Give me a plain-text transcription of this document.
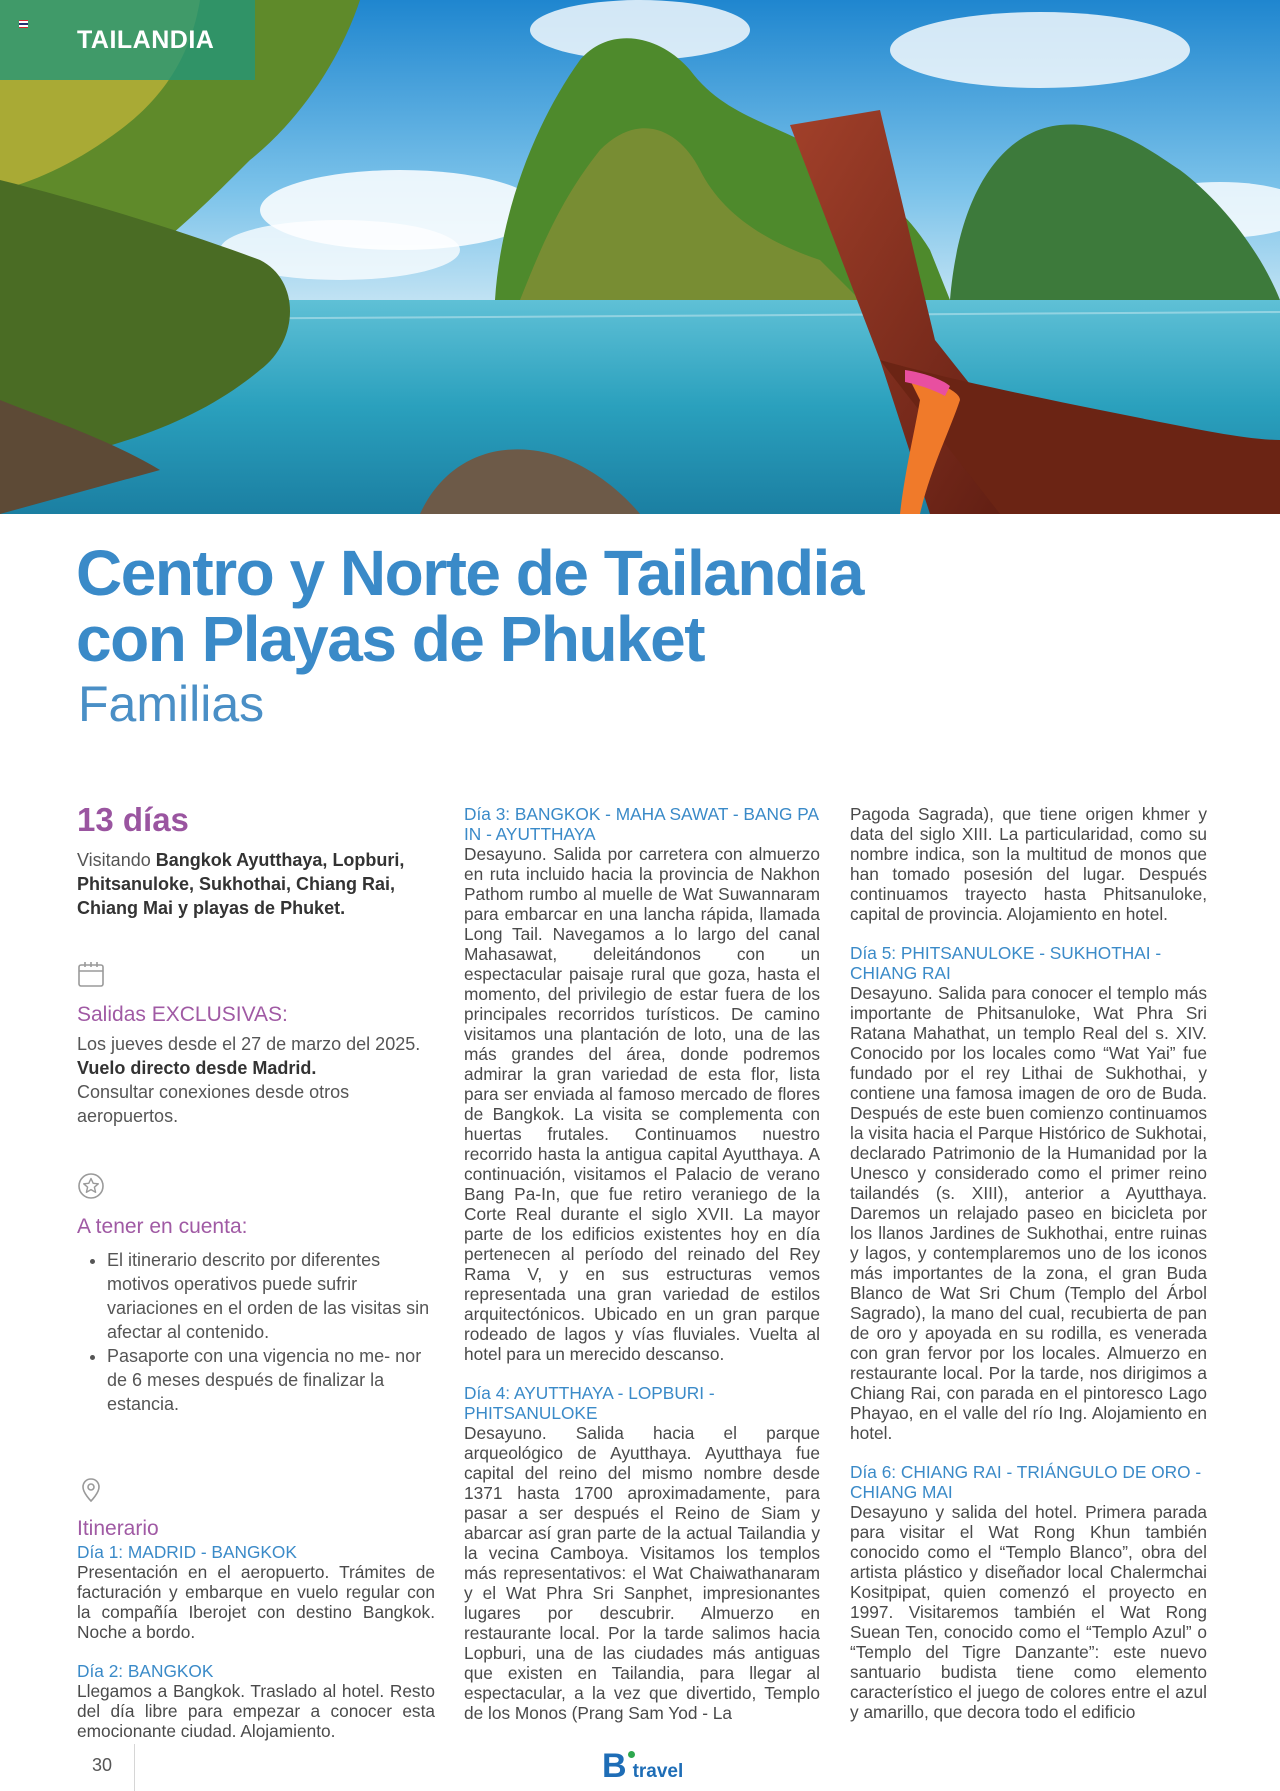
TAILANDIA
Centro y Norte de Tailandia
con Playas de Phuket
Familias

13 días

Visitando Bangkok Ayutthaya, Lopburi, Phitsanuloke, Sukhothai, Chiang Rai, Chiang Mai y playas de Phuket.

Salidas EXCLUSIVAS:

Los jueves desde el 27 de marzo del 2025.
Vuelo directo desde Madrid.
Consultar conexiones desde otros aeropuertos.

A tener en cuenta:
• El itinerario descrito por diferentes motivos operativos puede sufrir variaciones en el orden de las visitas sin afectar al contenido.
• Pasaporte con una vigencia no me- nor de 6 meses después de finalizar la estancia.
Itinerario
Día 1: MADRID - BANGKOK

Presentación en el aeropuerto. Trámites de facturación y embarque en vuelo regular con la compañía Iberojet con destino Bangkok. Noche a bordo.

Día 2: BANGKOK

Llegamos a Bangkok. Traslado al hotel. Resto del día libre para empezar a conocer esta emocionante ciudad. Alojamiento.

Día 3: BANGKOK - MAHA SAWAT - BANG PA IN - AYUTTHAYA

Desayuno. Salida por carretera con almuerzo en ruta incluido hacia la provincia de Nakhon Pathom rumbo al muelle de Wat Suwannaram para embarcar en una lancha rápida, llamada Long Tail. Navegamos a lo largo del canal Mahasawat, deleitándonos con un espectacular paisaje rural que goza, hasta el momento, del privilegio de estar fuera de los principales recorridos turísticos. De camino visitamos una plantación de loto, una de las más grandes del área, donde podremos admirar la gran variedad de esta flor, lista para ser enviada al famoso mercado de flores de Bangkok. La visita se complementa con huertas frutales. Continuamos nuestro recorrido hasta la antigua capital Ayutthaya. A continuación, visitamos el Palacio de verano Bang Pa-In, que fue retiro veraniego de la Corte Real durante el siglo XVII. La mayor parte de los edificios existentes hoy en día pertenecen al período del reinado del Rey Rama V, y en sus estructuras vemos representada una gran variedad de estilos arquitectónicos. Ubicado en un gran parque rodeado de lagos y vías fluviales. Vuelta al hotel para un merecido descanso.

Día 4: AYUTTHAYA - LOPBURI - PHITSANULOKE

Desayuno. Salida hacia el parque arqueológico de Ayutthaya. Ayutthaya fue capital del reino del mismo nombre desde 1371 hasta 1700 aproximadamente, para pasar a ser después el Reino de Siam y abarcar así gran parte de la actual Tailandia y la vecina Camboya. Visitamos los templos más representativos: el Wat Chaiwathanaram y el Wat Phra Sri Sanphet, impresionantes lugares por descubrir. Almuerzo en restaurante local. Por la tarde salimos hacia Lopburi, una de las ciudades más antiguas que existen en Tailandia, para llegar al espectacular, a la vez que divertido, Templo de los Monos (Prang Sam Yod - La

Pagoda Sagrada), que tiene origen khmer y data del siglo XIII. La particularidad, como su nombre indica, son la multitud de monos que han tomado posesión del lugar. Después continuamos trayecto hasta Phitsanuloke, capital de provincia. Alojamiento en hotel.

Día 5: PHITSANULOKE - SUKHOTHAI - CHIANG RAI

Desayuno. Salida para conocer el templo más importante de Phitsanuloke, Wat Phra Sri Ratana Mahathat, un templo Real del s. XIV. Conocido por los locales como “Wat Yai” fue fundado por el rey Lithai de Sukhothai, y contiene una famosa imagen de oro de Buda. Después de este buen comienzo continuamos la visita hacia el Parque Histórico de Sukhotai, declarado Patrimonio de la Humanidad por la Unesco y considerado como el primer reino tailandés (s. XIII), anterior a Ayutthaya. Daremos un relajado paseo en bicicleta por los llanos Jardines de Sukhothai, entre ruinas y lagos, y contemplaremos uno de los iconos más importantes de la zona, el gran Buda Blanco de Wat Sri Chum (Templo del Árbol Sagrado), la mano del cual, recubierta de pan de oro y apoyada en su rodilla, es venerada con gran fervor por los locales. Almuerzo en restaurante local. Por la tarde, nos dirigimos a Chiang Rai, con parada en el pintoresco Lago Phayao, en el valle del río Ing. Alojamiento en hotel.

Día 6: CHIANG RAI - TRIÁNGULO DE ORO - CHIANG MAI

Desayuno y salida del hotel. Primera parada para visitar el Wat Rong Khun también conocido como el “Templo Blanco”, obra del artista plástico y diseñador local Chalermchai Kositpipat, quien comenzó el proyecto en 1997. Visitaremos también el Wat Rong Suean Ten, conocido como el “Templo Azul” o “Templo del Tigre Danzante”: este nuevo santuario budista tiene como elemento característico el juego de colores entre el azul y amarillo, que decora todo el edificio

30	B travel
